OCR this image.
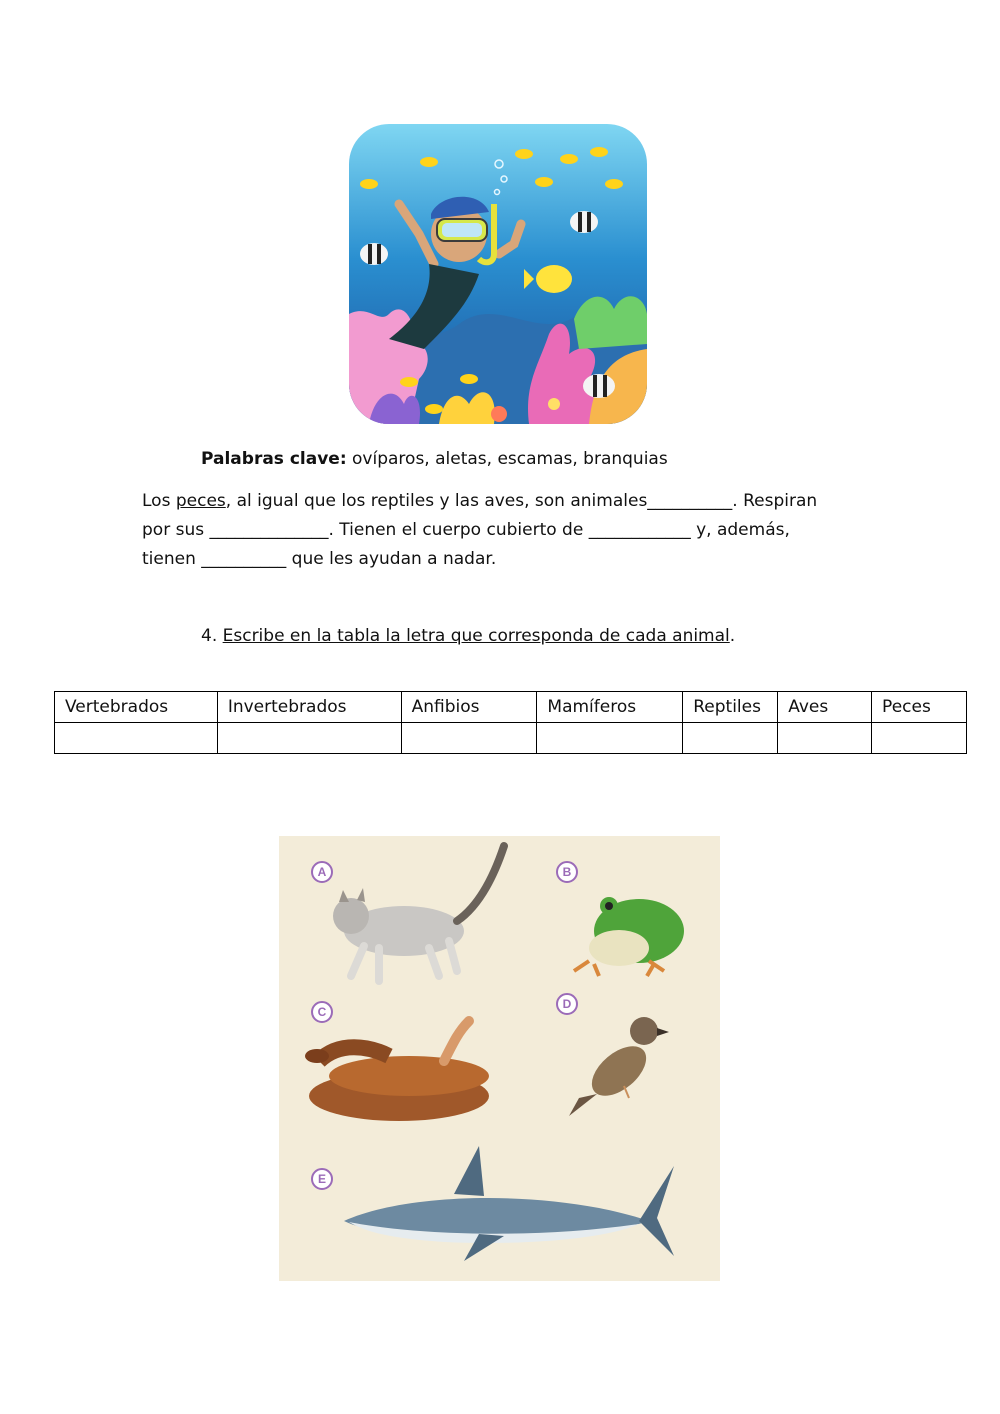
Palabras clave: ovíparos, aletas, escamas, branquias
Los peces, al igual que los reptiles y las aves, son animales__________. Respiran
por sus ______________. Tienen el cuerpo cubierto de ____________ y, además,
tienen __________ que les ayudan a nadar.
4. Escribe en la tabla la letra que corresponda de cada animal.
Vertebrados	Invertebrados	Anfibios	Mamíferos	Reptiles	Aves	Peces

A	B
C
D
E
